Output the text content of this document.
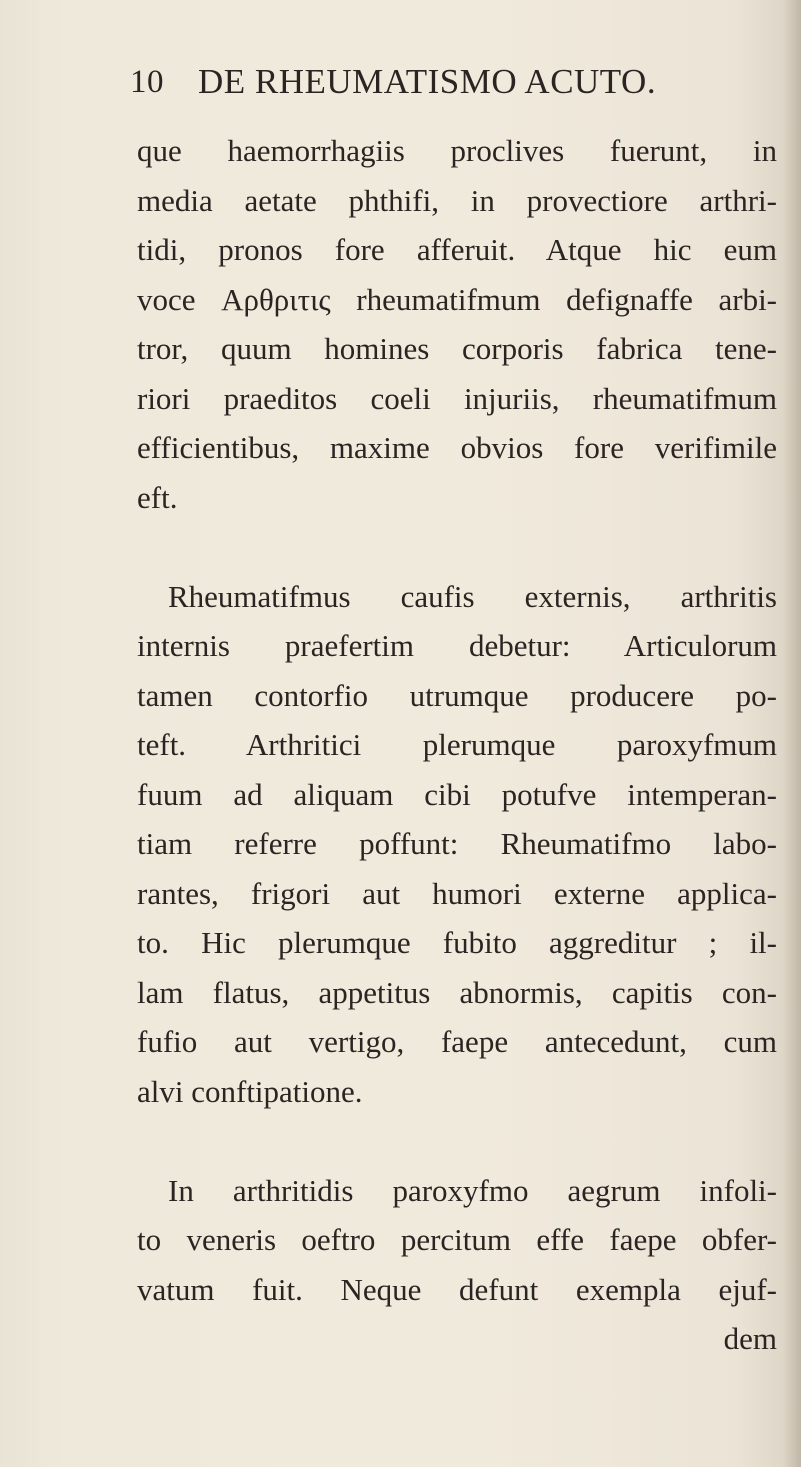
10 DE RHEUMATISMO ACUTO.
que haemorrhagiis proclives fuerunt, in
media aetate phthifi, in provectiore arthri-
tidi, pronos fore afferuit. Atque hic eum
voce Αρθριτις rheumatifmum defignaffe arbi-
tror, quum homines corporis fabrica tene-
riori praeditos coeli injuriis, rheumatifmum
efficientibus, maxime obvios fore verifimile
eft.
Rheumatifmus caufis externis, arthritis
internis praefertim debetur: Articulorum
tamen contorfio utrumque producere po-
teft. Arthritici plerumque paroxyfmum
fuum ad aliquam cibi potufve intemperan-
tiam referre poffunt: Rheumatifmo labo-
rantes, frigori aut humori externe applica-
to. Hic plerumque fubito aggreditur ; il-
lam flatus, appetitus abnormis, capitis con-
fufio aut vertigo, faepe antecedunt, cum
alvi conftipatione.
In arthritidis paroxyfmo aegrum infoli-
to veneris oeftro percitum effe faepe obfer-
vatum fuit. Neque defunt exempla ejuf-
dem
